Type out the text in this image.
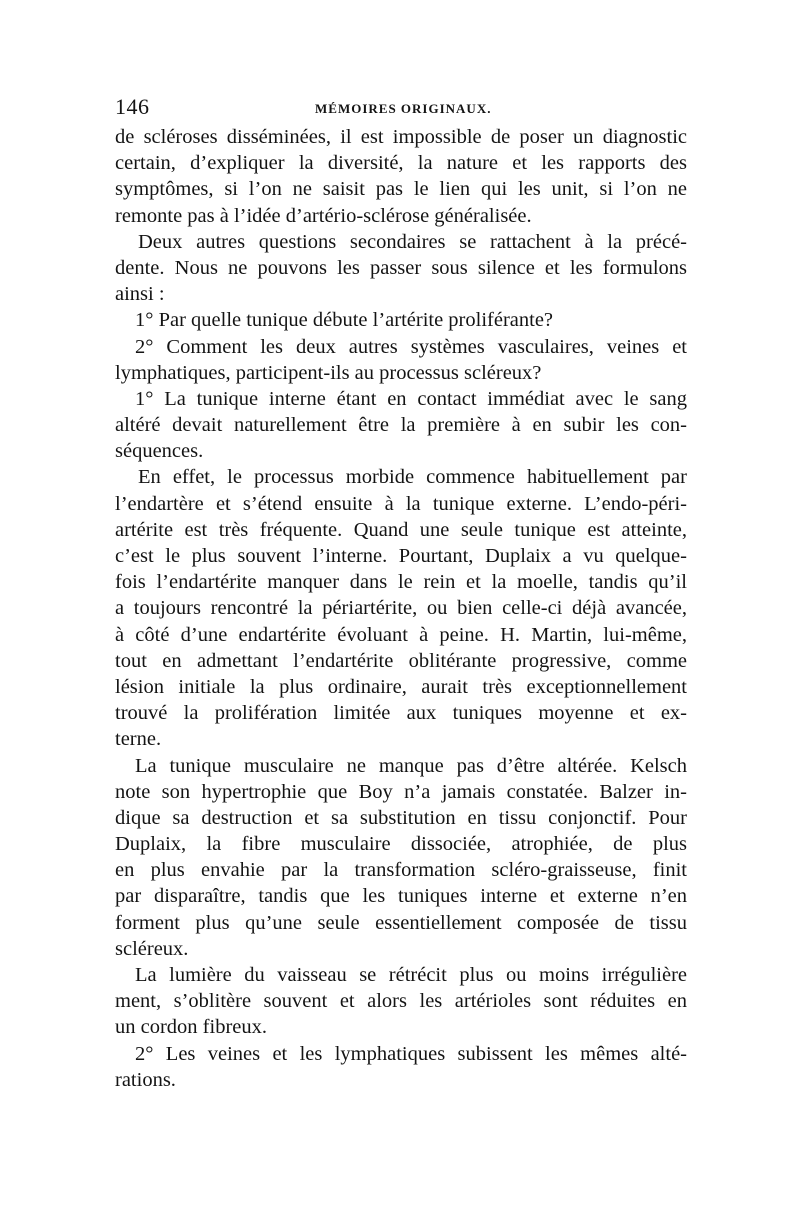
146	MÉMOIRES ORIGINAUX.
de scléroses disséminées, il est impossible de poser un diagnostic
certain, d’expliquer la diversité, la nature et les rapports des
symptômes, si l’on ne saisit pas le lien qui les unit, si l’on ne
remonte pas à l’idée d’artério-sclérose généralisée.
Deux autres questions secondaires se rattachent à la précé-
dente. Nous ne pouvons les passer sous silence et les formulons
ainsi :
1° Par quelle tunique débute l’artérite proliférante?
2° Comment les deux autres systèmes vasculaires, veines et
lymphatiques, participent-ils au processus scléreux?
1° La tunique interne étant en contact immédiat avec le sang
altéré devait naturellement être la première à en subir les con-
séquences.
En effet, le processus morbide commence habituellement par
l’endartère et s’étend ensuite à la tunique externe. L’endo-péri-
artérite est très fréquente. Quand une seule tunique est atteinte,
c’est le plus souvent l’interne. Pourtant, Duplaix a vu quelque-
fois l’endartérite manquer dans le rein et la moelle, tandis qu’il
a toujours rencontré la périartérite, ou bien celle-ci déjà avancée,
à côté d’une endartérite évoluant à peine. H. Martin, lui-même,
tout en admettant l’endartérite oblitérante progressive, comme
lésion initiale la plus ordinaire, aurait très exceptionnellement
trouvé la prolifération limitée aux tuniques moyenne et ex-
terne.
La tunique musculaire ne manque pas d’être altérée. Kelsch
note son hypertrophie que Boy n’a jamais constatée. Balzer in-
dique sa destruction et sa substitution en tissu conjonctif. Pour
Duplaix, la fibre musculaire dissociée, atrophiée, de plus
en plus envahie par la transformation scléro-graisseuse, finit
par disparaître, tandis que les tuniques interne et externe n’en
forment plus qu’une seule essentiellement composée de tissu
scléreux.
La lumière du vaisseau se rétrécit plus ou moins irrégulière
ment, s’oblitère souvent et alors les artérioles sont réduites en
un cordon fibreux.
2° Les veines et les lymphatiques subissent les mêmes alté-
rations.
